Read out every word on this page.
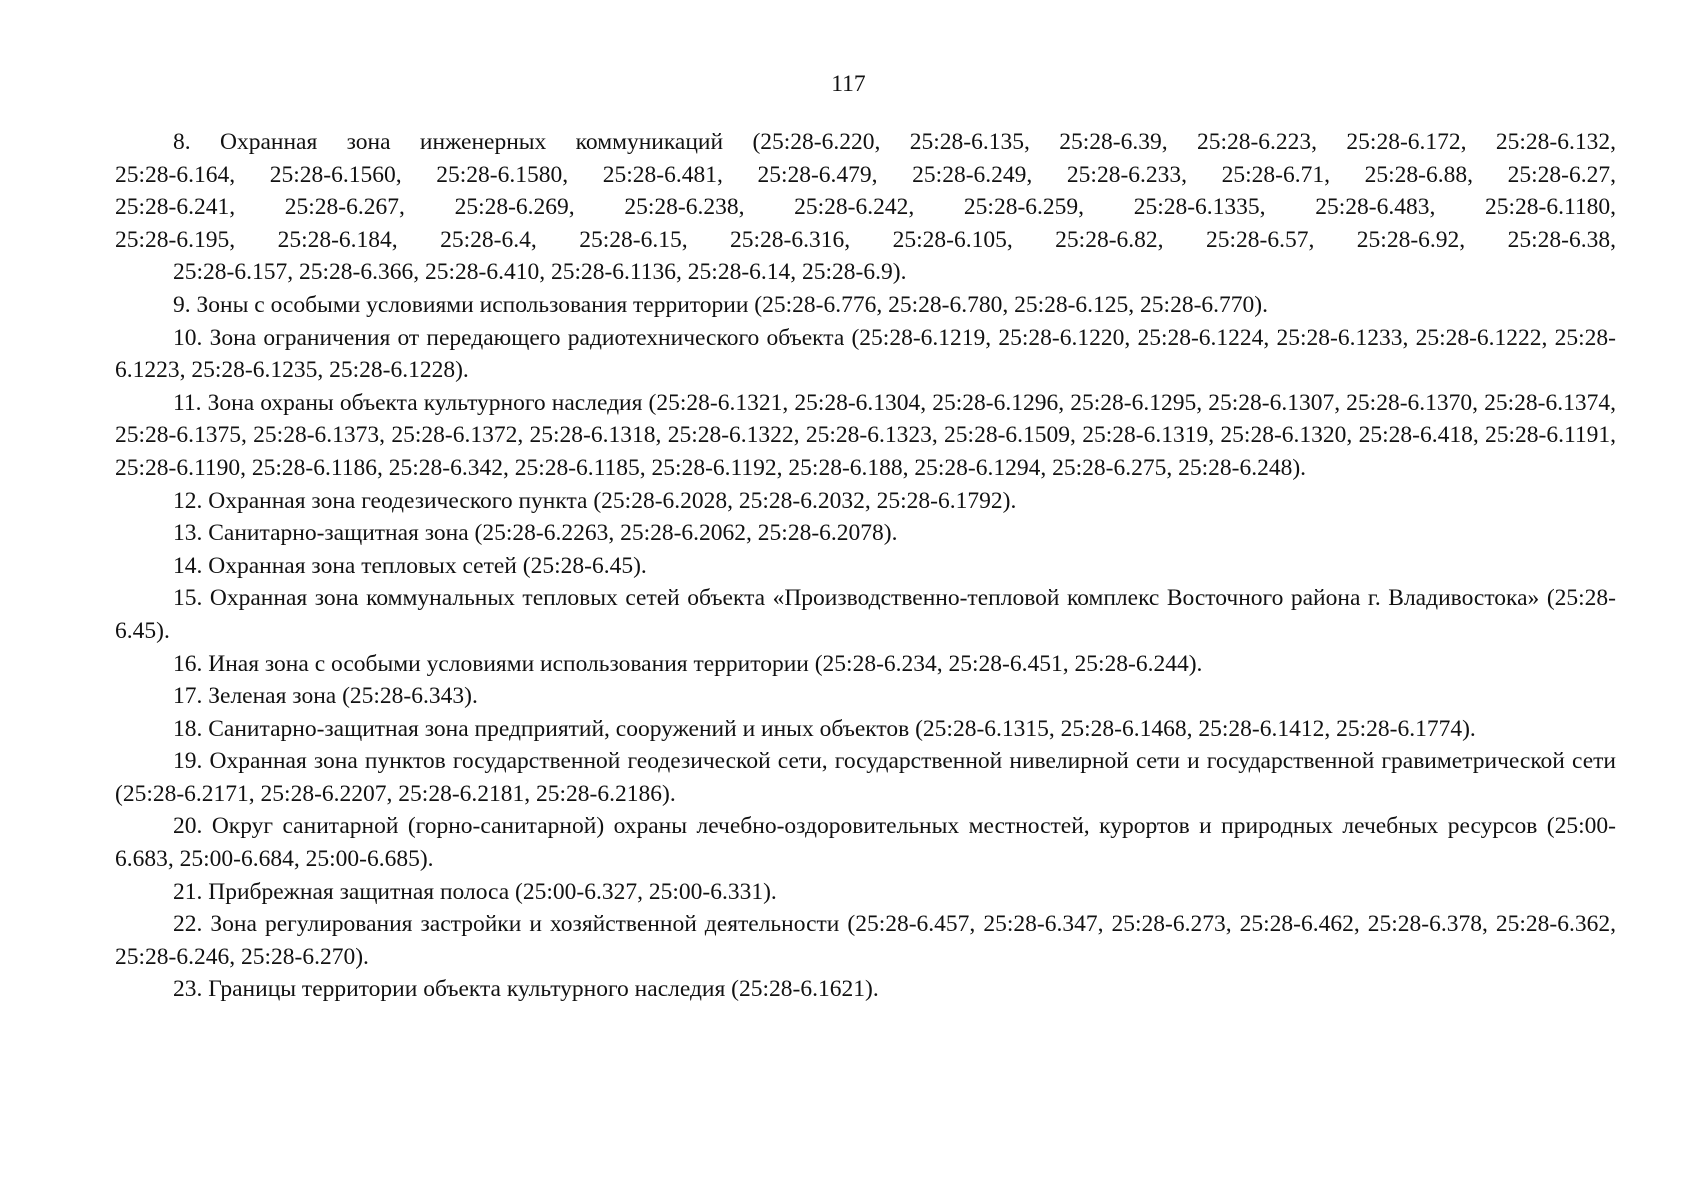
117
8. Охранная зона инженерных коммуникаций (25:28-6.220, 25:28-6.135, 25:28-6.39, 25:28-6.223, 25:28-6.172, 25:28-6.132,
25:28-6.164, 25:28-6.1560, 25:28-6.1580, 25:28-6.481, 25:28-6.479, 25:28-6.249, 25:28-6.233, 25:28-6.71, 25:28-6.88, 25:28-6.27,
25:28-6.241, 25:28-6.267, 25:28-6.269, 25:28-6.238, 25:28-6.242, 25:28-6.259, 25:28-6.1335, 25:28-6.483, 25:28-6.1180,
25:28-6.195, 25:28-6.184, 25:28-6.4, 25:28-6.15, 25:28-6.316, 25:28-6.105, 25:28-6.82, 25:28-6.57, 25:28-6.92, 25:28-6.38,
25:28-6.157, 25:28-6.366, 25:28-6.410, 25:28-6.1136, 25:28-6.14, 25:28-6.9).

9. Зоны с особыми условиями использования территории (25:28-6.776, 25:28-6.780, 25:28-6.125, 25:28-6.770).

10. Зона ограничения от передающего радиотехнического объекта (25:28-6.1219, 25:28-6.1220, 25:28-6.1224, 25:28-6.1233, 25:28-6.1222, 25:28-6.1223, 25:28-6.1235, 25:28-6.1228).

11. Зона охраны объекта культурного наследия (25:28-6.1321, 25:28-6.1304, 25:28-6.1296, 25:28-6.1295, 25:28-6.1307, 25:28-6.1370, 25:28-6.1374, 25:28-6.1375, 25:28-6.1373, 25:28-6.1372, 25:28-6.1318, 25:28-6.1322, 25:28-6.1323, 25:28-6.1509, 25:28-6.1319, 25:28-6.1320, 25:28-6.418, 25:28-6.1191, 25:28-6.1190, 25:28-6.1186, 25:28-6.342, 25:28-6.1185, 25:28-6.1192, 25:28-6.188, 25:28-6.1294, 25:28-6.275, 25:28-6.248).

12. Охранная зона геодезического пункта (25:28-6.2028, 25:28-6.2032, 25:28-6.1792).

13. Санитарно-защитная зона (25:28-6.2263, 25:28-6.2062, 25:28-6.2078).

14. Охранная зона тепловых сетей (25:28-6.45).

15. Охранная зона коммунальных тепловых сетей объекта «Производственно-тепловой комплекс Восточного района г. Владивостока» (25:28-6.45).

16. Иная зона с особыми условиями использования территории (25:28-6.234, 25:28-6.451, 25:28-6.244).

17. Зеленая зона (25:28-6.343).

18. Санитарно-защитная зона предприятий, сооружений и иных объектов (25:28-6.1315, 25:28-6.1468, 25:28-6.1412, 25:28-6.1774).

19. Охранная зона пунктов государственной геодезической сети, государственной нивелирной сети и государственной гравиметрической сети (25:28-6.2171, 25:28-6.2207, 25:28-6.2181, 25:28-6.2186).

20. Округ санитарной (горно-санитарной) охраны лечебно-оздоровительных местностей, курортов и природных лечебных ресурсов (25:00-6.683, 25:00-6.684, 25:00-6.685).

21. Прибрежная защитная полоса (25:00-6.327, 25:00-6.331).

22. Зона регулирования застройки и хозяйственной деятельности (25:28-6.457, 25:28-6.347, 25:28-6.273, 25:28-6.462, 25:28-6.378, 25:28-6.362, 25:28-6.246, 25:28-6.270).

23. Границы территории объекта культурного наследия (25:28-6.1621).
